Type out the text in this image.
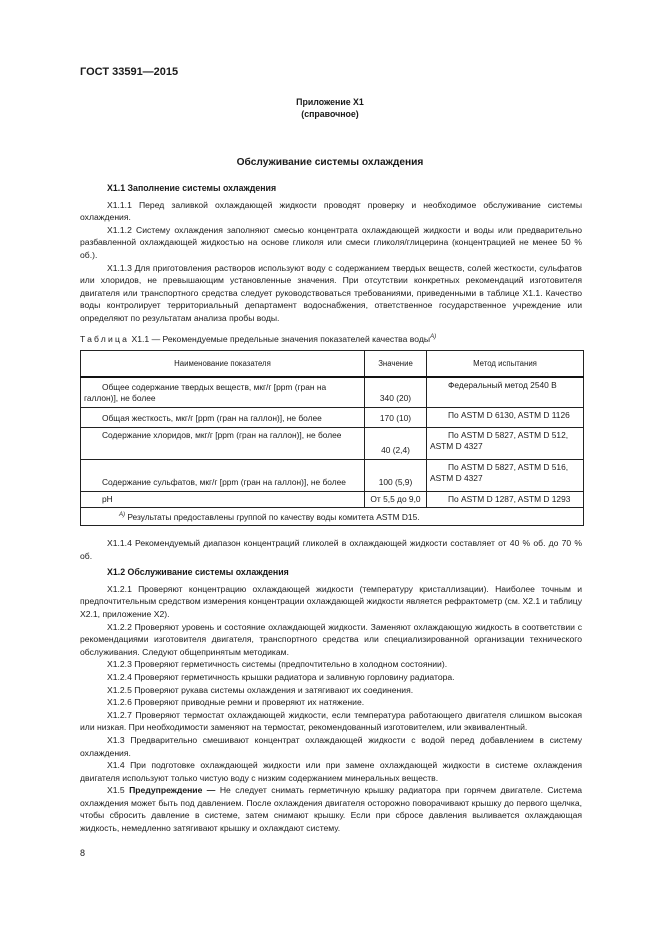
ГОСТ 33591—2015
Приложение Х1
(справочное)
Обслуживание системы охлаждения
Х1.1 Заполнение системы охлаждения

Х1.1.1 Перед заливкой охлаждающей жидкости проводят проверку и необходимое обслуживание системы охлаждения.

Х1.1.2 Систему охлаждения заполняют смесью концентрата охлаждающей жидкости и воды или предварительно разбавленной охлаждающей жидкостью на основе гликоля или смеси гликоля/глицерина (концентрацией не менее 50 % об.).

Х1.1.3 Для приготовления растворов используют воду с содержанием твердых веществ, солей жесткости, сульфатов или хлоридов, не превышающим установленные значения. При отсутствии конкретных рекомендаций изготовителя двигателя или транспортного средства следует руководствоваться требованиями, приведенными в таблице Х1.1. Качество воды контролирует территориальный департамент водоснабжения, ответственное государственное учреждение или определяют по результатам анализа пробы воды.

Таблица Х1.1 — Рекомендуемые предельные значения показателей качества воды$^{А)}$
Наименование показателя	Значение	Метод испытания
Общее содержание твердых веществ, мкг/г [ppm (гран на галлон)], не более	340 (20)	Федеральный метод 2540 В
Общая жесткость, мкг/г [ppm (гран на галлон)], не более	170 (10)	По ASTM D 6130, ASTM D 1126
Содержание хлоридов, мкг/г [ppm (гран на галлон)], не более	40 (2,4)	По ASTM D 5827, ASTM D 512, ASTM D 4327
Содержание сульфатов, мкг/г [ppm (гран на галлон)], не более	100 (5,9)	По ASTM D 5827, ASTM D 516, ASTM D 4327
pH	От 5,5 до 9,0	По ASTM D 1287, ASTM D 1293
$^{А)}$ Результаты предоставлены группой по качеству воды комитета ASTM D15.		

Х1.1.4 Рекомендуемый диапазон концентраций гликолей в охлаждающей жидкости составляет от 40 % об. до 70 % об.

Х1.2 Обслуживание системы охлаждения

Х1.2.1 Проверяют концентрацию охлаждающей жидкости (температуру кристаллизации). Наиболее точным и предпочтительным средством измерения концентрации охлаждающей жидкости является рефрактометр (см. Х2.1 и таблицу Х2.1, приложение Х2).

Х1.2.2 Проверяют уровень и состояние охлаждающей жидкости. Заменяют охлаждающую жидкость в соответствии с рекомендациями изготовителя двигателя, транспортного средства или специализированной организации технического обслуживания. Следуют общепринятым методикам.

Х1.2.3 Проверяют герметичность системы (предпочтительно в холодном состоянии).

Х1.2.4 Проверяют герметичность крышки радиатора и заливную горловину радиатора.

Х1.2.5 Проверяют рукава системы охлаждения и затягивают их соединения.

Х1.2.6 Проверяют приводные ремни и проверяют их натяжение.

Х1.2.7 Проверяют термостат охлаждающей жидкости, если температура работающего двигателя слишком высокая или низкая. При необходимости заменяют на термостат, рекомендованный изготовителем, или эквивалентный.

Х1.3 Предварительно смешивают концентрат охлаждающей жидкости с водой перед добавлением в систему охлаждения.

Х1.4 При подготовке охлаждающей жидкости или при замене охлаждающей жидкости в системе охлаждения двигателя используют только чистую воду с низким содержанием минеральных веществ.

Х1.5 Предупреждение — Не следует снимать герметичную крышку радиатора при горячем двигателе. Система охлаждения может быть под давлением. После охлаждения двигателя осторожно поворачивают крышку до первого щелчка, чтобы сбросить давление в системе, затем снимают крышку. Если при сбросе давления выливается охлаждающая жидкость, немедленно затягивают крышку и охлаждают систему.

8
